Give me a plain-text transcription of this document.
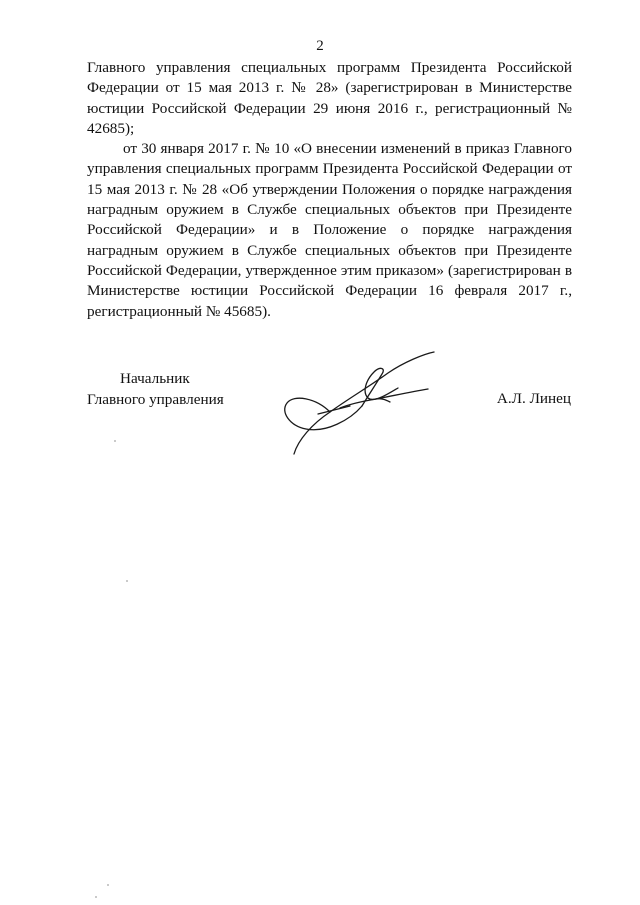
2

Главного управления специальных программ Президента Российской Федерации от 15 мая 2013 г. № 28» (зарегистрирован в Министерстве юстиции Российской Федерации 29 июня 2016 г., регистрационный № 42685);

от 30 января 2017 г. № 10 «О внесении изменений в приказ Главного управления специальных программ Президента Российской Федерации от 15 мая 2013 г. № 28 «Об утверждении Положения о порядке награждения наградным оружием в Службе специальных объектов при Президенте Российской Федерации» и в Положение о порядке награждения наградным оружием в Службе специальных объектов при Президенте Российской Федерации, утвержденное этим приказом» (зарегистрирован в Министерстве юстиции Российской Федерации 16 февраля 2017 г., регистрационный № 45685).

Начальник
Главного управления	А.Л. Линец
